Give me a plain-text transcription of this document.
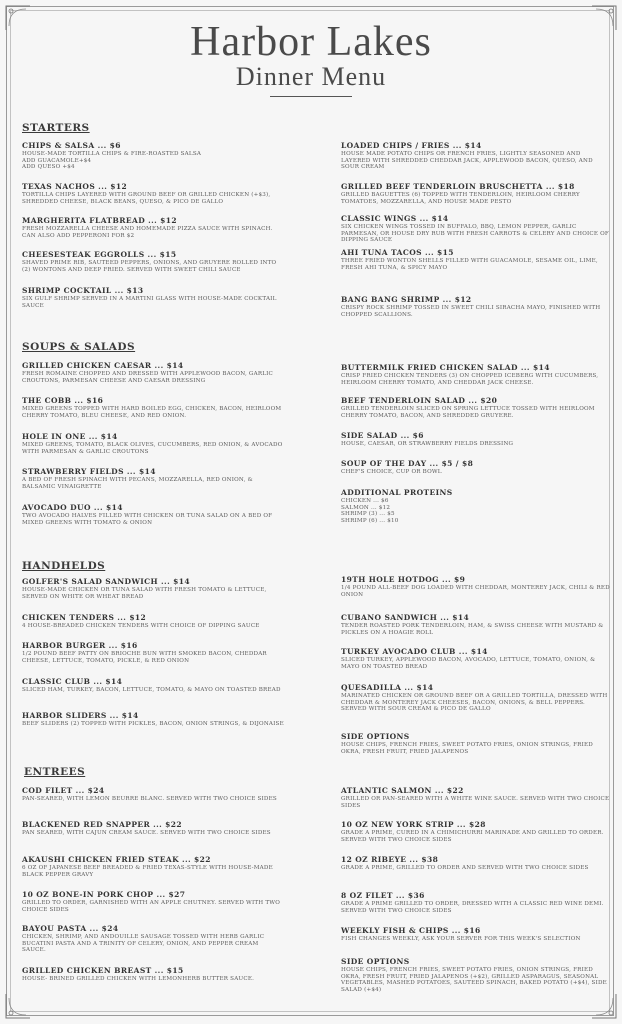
Harbor Lakes
Dinner Menu
STARTERS
CHIPS & SALSA ... $6
HOUSE-MADE TORTILLA CHIPS & FIRE-ROASTED SALSA
ADD GUACAMOLE+$4
ADD QUESO +$4
TEXAS NACHOS ... $12
TORTILLA CHIPS LAYERED WITH GROUND BEEF OR GRILLED CHICKEN (+$3), SHREDDED CHEESE, BLACK BEANS, QUESO, & PICO DE GALLO
MARGHERITA FLATBREAD ... $12
FRESH MOZZARELLA CHEESE AND HOMEMADE PIZZA SAUCE WITH SPINACH. CAN ALSO ADD PEPPERONI FOR $2
CHEESESTEAK EGGROLLS ... $15
SHAVED PRIME RIB, SAUTEED PEPPERS, ONIONS, AND GRUYERE ROLLED INTO (2) WONTONS AND DEEP FRIED. SERVED WITH SWEET CHILI SAUCE
SHRIMP COCKTAIL ... $13
SIX GULF SHRIMP SERVED IN A MARTINI GLASS WITH HOUSE-MADE COCKTAIL SAUCE
LOADED CHIPS / FRIES ... $14
HOUSE MADE POTATO CHIPS OR FRENCH FRIES, LIGHTLY SEASONED AND LAYERED WITH SHREDDED CHEDDAR JACK, APPLEWOOD BACON, QUESO, AND SOUR CREAM
GRILLED BEEF TENDERLOIN BRUSCHETTA ... $18
GRILLED BAGUETTES (6) TOPPED WITH TENDERLOIN, HEIRLOOM CHERRY TOMATOES, MOZZARELLA, AND HOUSE MADE PESTO
CLASSIC WINGS ... $14
SIX CHICKEN WINGS TOSSED IN BUFFALO, BBQ, LEMON PEPPER, GARLIC PARMESAN, OR HOUSE DRY RUB WITH FRESH CARROTS & CELERY AND CHOICE OF DIPPING SAUCE
AHI TUNA TACOS ... $15
THREE FRIED WONTON SHELLS FILLED WITH GUACAMOLE, SESAME OIL, LIME, FRESH AHI TUNA, & SPICY MAYO
BANG BANG SHRIMP ... $12
CRISPY ROCK SHRIMP TOSSED IN SWEET CHILI SIRACHA MAYO, FINISHED WITH CHOPPED SCALLIONS.
SOUPS & SALADS
GRILLED CHICKEN CAESAR ... $14
FRESH ROMAINE CHOPPED AND DRESSED WITH APPLEWOOD BACON, GARLIC CROUTONS, PARMESAN CHEESE AND CAESAR DRESSING
THE COBB ... $16
MIXED GREENS TOPPED WITH HARD BOILED EGG, CHICKEN, BACON, HEIRLOOM CHERRY TOMATO, BLEU CHEESE, AND RED ONION.
HOLE IN ONE ... $14
MIXED GREENS, TOMATO, BLACK OLIVES, CUCUMBERS, RED ONION, & AVOCADO WITH PARMESAN & GARLIC CROUTONS
STRAWBERRY FIELDS ... $14
A BED OF FRESH SPINACH WITH PECANS, MOZZARELLA, RED ONION, & BALSAMIC VINAIGRETTE
AVOCADO DUO ... $14
TWO AVOCADO HALVES FILLED WITH CHICKEN OR TUNA SALAD ON A BED OF MIXED GREENS WITH TOMATO & ONION
BUTTERMILK FRIED CHICKEN SALAD ... $14
CRISP FRIED CHICKEN TENDERS (3) ON CHOPPED ICEBERG WITH CUCUMBERS, HEIRLOOM CHERRY TOMATO, AND CHEDDAR JACK CHEESE.
BEEF TENDERLOIN SALAD ... $20
GRILLED TENDERLOIN SLICED ON SPRING LETTUCE TOSSED WITH HEIRLOOM CHERRY TOMATO, BACON, AND SHREDDED GRUYERE.
SIDE SALAD ... $6
HOUSE, CAESAR, OR STRAWBERRY FIELDS DRESSING
SOUP OF THE DAY ... $5 / $8
CHEF'S CHOICE, CUP OR BOWL
ADDITIONAL PROTEINS
CHICKEN ... $6
SALMON ... $12
SHRIMP (3) ... $5
SHRIMP (6) ... $10
HANDHELDS
GOLFER'S SALAD SANDWICH ... $14
HOUSE-MADE CHICKEN OR TUNA SALAD WITH FRESH TOMATO & LETTUCE, SERVED ON WHITE OR WHEAT BREAD
CHICKEN TENDERS ... $12
4 HOUSE-BREADED CHICKEN TENDERS WITH CHOICE OF DIPPING SAUCE
HARBOR BURGER ... $16
1/2 POUND BEEF PATTY ON BRIOCHE BUN WITH SMOKED BACON, CHEDDAR CHEESE, LETTUCE, TOMATO, PICKLE, & RED ONION
CLASSIC CLUB ... $14
SLICED HAM, TURKEY, BACON, LETTUCE, TOMATO, & MAYO ON TOASTED BREAD
HARBOR SLIDERS ... $14
BEEF SLIDERS (2) TOPPED WITH PICKLES, BACON, ONION STRINGS, & DIJONAISE
19TH HOLE HOTDOG ... $9
1/4 POUND ALL-BEEF DOG LOADED WITH CHEDDAR, MONTEREY JACK, CHILI & RED ONION
CUBANO SANDWICH ... $14
TENDER ROASTED PORK TENDERLOIN, HAM, & SWISS CHEESE WITH MUSTARD & PICKLES ON A HOAGIE ROLL
TURKEY AVOCADO CLUB ... $14
SLICED TURKEY, APPLEWOOD BACON, AVOCADO, LETTUCE, TOMATO, ONION, & MAYO ON TOASTED BREAD
QUESADILLA ... $14
MARINATED CHICKEN OR GROUND BEEF OR A GRILLED TORTILLA, DRESSED WITH CHEDDAR & MONTEREY JACK CHEESES, BACON, ONIONS, & BELL PEPPERS. SERVED WITH SOUR CREAM & PICO DE GALLO
SIDE OPTIONS
HOUSE CHIPS, FRENCH FRIES, SWEET POTATO FRIES, ONION STRINGS, FRIED OKRA, FRESH FRUIT, FRIED JALAPENOS
ENTREES
COD FILET ... $24
PAN-SEARED, WITH LEMON BEURRE BLANC. SERVED WITH TWO CHOICE SIDES
BLACKENED RED SNAPPER ... $22
PAN SEARED, WITH CAJUN CREAM SAUCE. SERVED WITH TWO CHOICE SIDES
AKAUSHI CHICKEN FRIED STEAK ... $22
6 OZ OF JAPANESE BEEF BREADED & FRIED TEXAS-STYLE WITH HOUSE-MADE BLACK PEPPER GRAVY
10 OZ BONE-IN PORK CHOP ... $27
GRILLED TO ORDER, GARNISHED WITH AN APPLE CHUTNEY. SERVED WITH TWO CHOICE SIDES
BAYOU PASTA ... $24
CHICKEN, SHRIMP, AND ANDOUILLE SAUSAGE TOSSED WITH HERB GARLIC BUCATINI PASTA AND A TRINITY OF CELERY, ONION, AND PEPPER CREAM SAUCE.
GRILLED CHICKEN BREAST ... $15
HOUSE- BRINED GRILLED CHICKEN WITH LEMONHERB BUTTER SAUCE.
ATLANTIC SALMON ... $22
GRILLED OR PAN-SEARED WITH A WHITE WINE SAUCE. SERVED WITH TWO CHOICE SIDES
10 OZ NEW YORK STRIP ... $28
GRADE A PRIME, CURED IN A CHIMICHURRI MARINADE AND GRILLED TO ORDER. SERVED WITH TWO CHOICE SIDES
12 OZ RIBEYE ... $38
GRADE A PRIME, GRILLED TO ORDER AND SERVED WITH TWO CHOICE SIDES
8 OZ FILET ... $36
GRADE A PRIME GRILLED TO ORDER, DRESSED WITH A CLASSIC RED WINE DEMI. SERVED WITH TWO CHOICE SIDES
WEEKLY FISH & CHIPS ... $16
FISH CHANGES WEEKLY, ASK YOUR SERVER FOR THIS WEEK'S SELECTION
SIDE OPTIONS
HOUSE CHIPS, FRENCH FRIES, SWEET POTATO FRIES, ONION STRINGS, FRIED OKRA, FRESH FRUIT, FRIED JALAPENOS (+$2), GRILLED ASPARAGUS, SEASONAL VEGETABLES, MASHED POTATOES, SAUTEED SPINACH, BAKED POTATO (+$4), SIDE SALAD (+$4)
